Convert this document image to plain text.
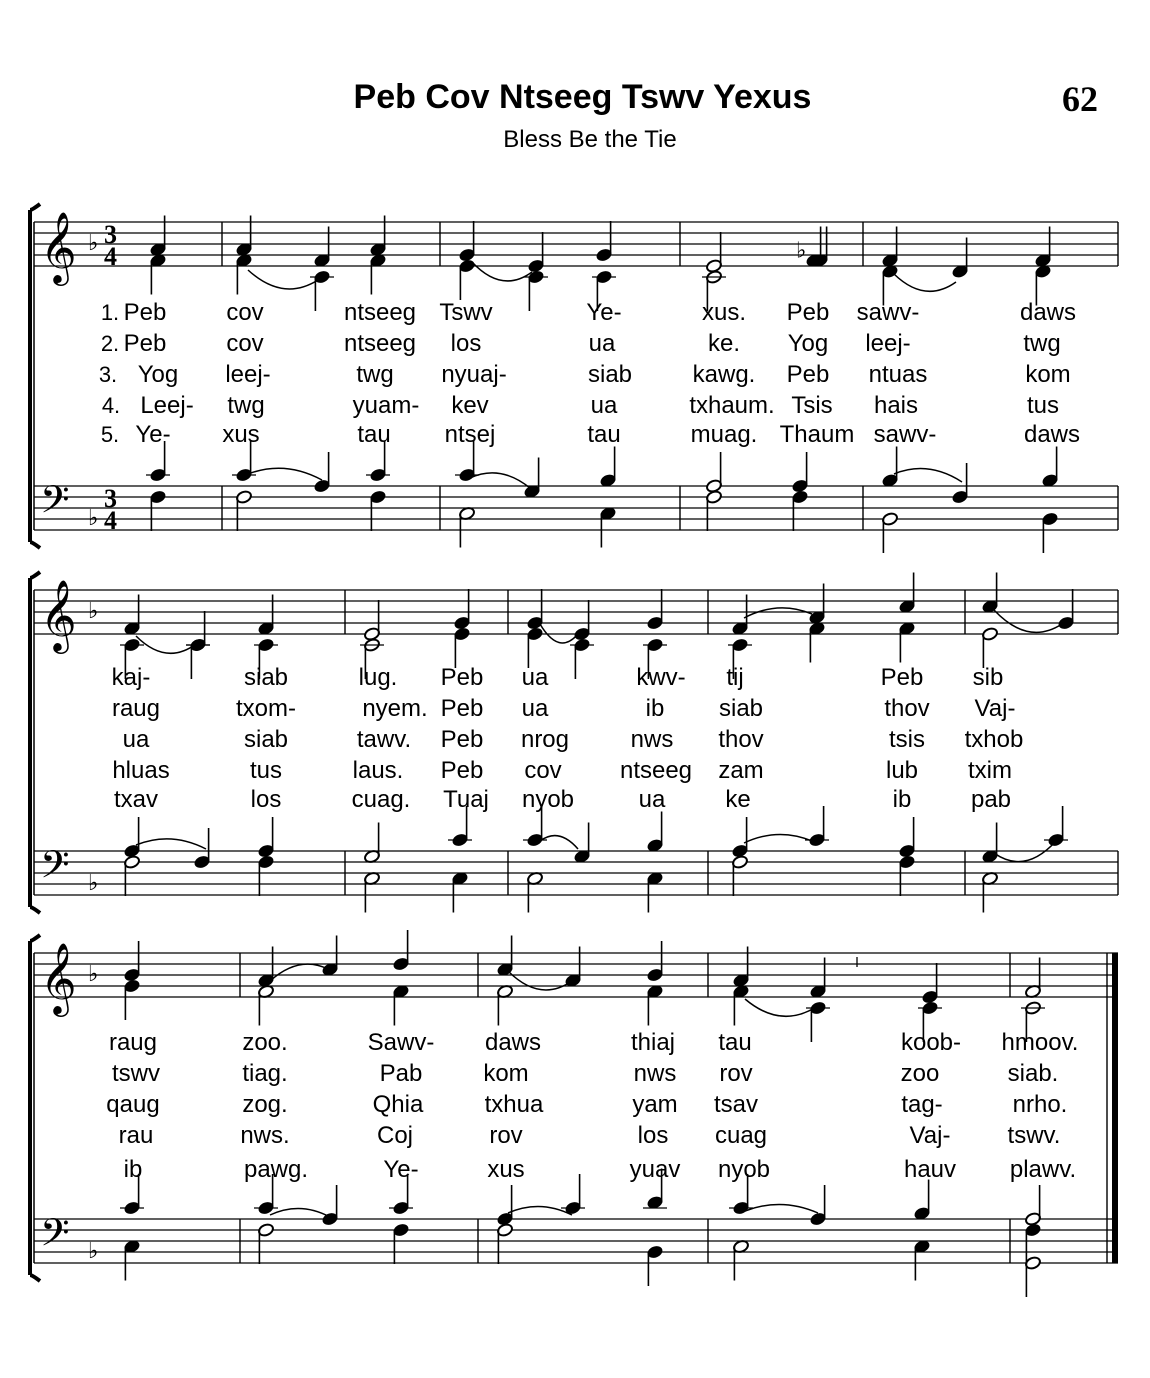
Peb Cov Ntseeg Tswv Yexus	62
Bless Be the Tie
𝄞
𝄢
♭
♭
3
4
3
4
1.
2.
3.
4.
5.
Peb cov	ntseeg Tswv	Ye-	xus. Peb sawv-	daws
Peb cov	ntseeg los	ua	ke. Yog leej-	twg
Yog leej-	twg nyuaj-	siab	kawg. Peb ntuas	kom
Leej- twg	yuam- kev	ua	txhaum. Tsis hais	tus
Ye- xus	tau ntsej	tau	muag. Thaum sawv-	daws
𝄞
𝄢
♭
♭
kaj-	siab	lug. Peb ua	kwv- tij	Peb sib
raug	txom-	nyem. Peb ua	ib siab	thov Vaj-
ua	siab	tawv. Peb nrog	nws thov	tsis txhob
hluas	tus	laus. Peb cov ntseeg zam	lub txim
txav	los	cuag. Tuaj nyob	ua ke	ib pab
𝄞
𝄢
♭
♭
raug	zoo.	Sawv- daws	thiaj tau	koob- hmoov.
tswv	tiag.	Pab	kom	nws rov	zoo	siab.
qaug	zog.	Qhia	txhua	yam tsav	tag-	nrho.
rau	nws.	Coj	rov	los cuag	Vaj- tswv.
ib	pawg.	Ye-	xus	yuav nyob	hauv plawv.
♭
